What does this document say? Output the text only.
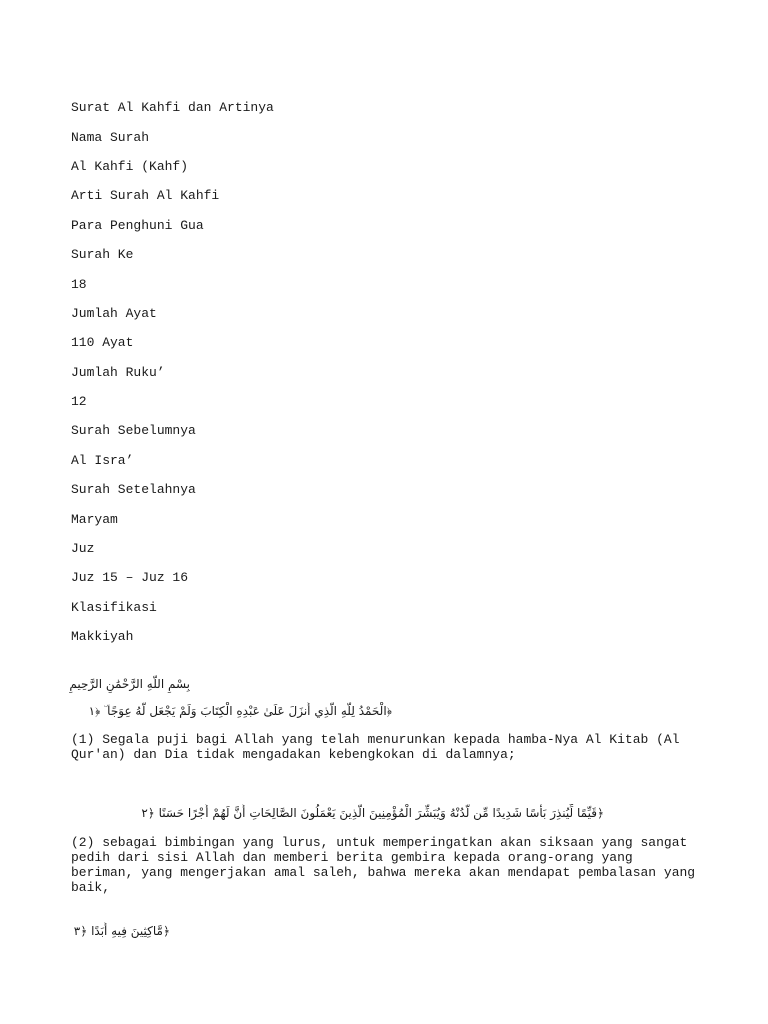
Surat Al Kahfi dan Artinya
Nama Surah
Al Kahfi (Kahf)
Arti Surah Al Kahfi
Para Penghuni Gua
Surah Ke
18
Jumlah Ayat
110 Ayat
Jumlah Ruku’
12
Surah Sebelumnya
Al Isra’
Surah Setelahnya
Maryam
Juz
Juz 15 – Juz 16
Klasifikasi
Makkiyah
بِسْمِ اللَّهِ الرَّحْمَٰنِ الرَّحِيمِ
﴿الْحَمْدُ لِلَّهِ الَّذِي أَنزَلَ عَلَىٰ عَبْدِهِ الْكِتَابَ وَلَمْ يَجْعَل لَّهُ عِوَجًا ۜ ﴿١
(1) Segala puji bagi Allah yang telah menurunkan kepada hamba-Nya Al Kitab (Al Qur'an) dan Dia tidak mengadakan kebengkokan di dalamnya;
﴿قَيِّمًا لِّيُنذِرَ بَأْسًا شَدِيدًا مِّن لَّدُنْهُ وَيُبَشِّرَ الْمُؤْمِنِينَ الَّذِينَ يَعْمَلُونَ الصَّالِحَاتِ أَنَّ لَهُمْ أَجْرًا حَسَنًا ﴿٢
(2) sebagai bimbingan yang lurus, untuk memperingatkan akan siksaan yang sangat pedih dari sisi Allah dan memberi berita gembira kepada orang-orang yang beriman, yang mengerjakan amal saleh, bahwa mereka akan mendapat pembalasan yang baik,
﴿مَّاكِثِينَ فِيهِ أَبَدًا ﴿٣
